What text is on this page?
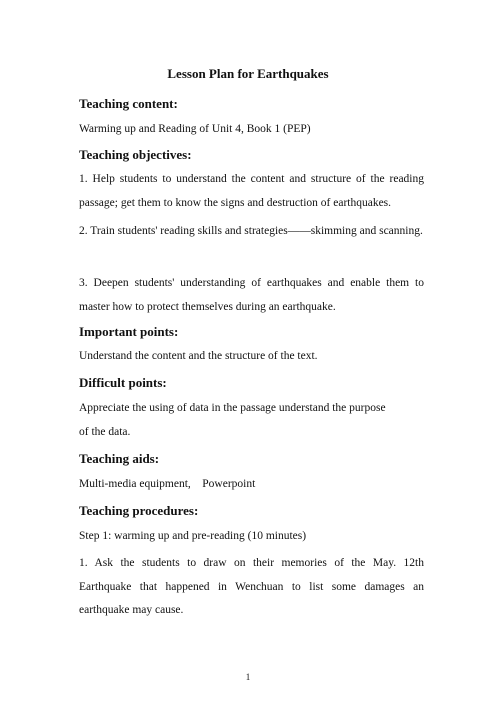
Lesson Plan for Earthquakes
Teaching content:
Warming up and Reading of Unit 4, Book 1 (PEP)
Teaching objectives:
1. Help students to understand the content and structure of the reading passage; get them to know the signs and destruction of earthquakes.
2. Train students' reading skills and strategies——skimming and scanning.
3. Deepen students' understanding of earthquakes and enable them to master how to protect themselves during an earthquake.
Important points:
Understand the content and the structure of the text.
Difficult points:
Appreciate the using of data in the passage understand the purpose
of the data.
Teaching aids:
Multi-media equipment,    Powerpoint
Teaching procedures:
Step 1: warming up and pre-reading (10 minutes)
1. Ask the students to draw on their memories of the May. 12th Earthquake that happened in Wenchuan to list some damages an earthquake may cause.
1
